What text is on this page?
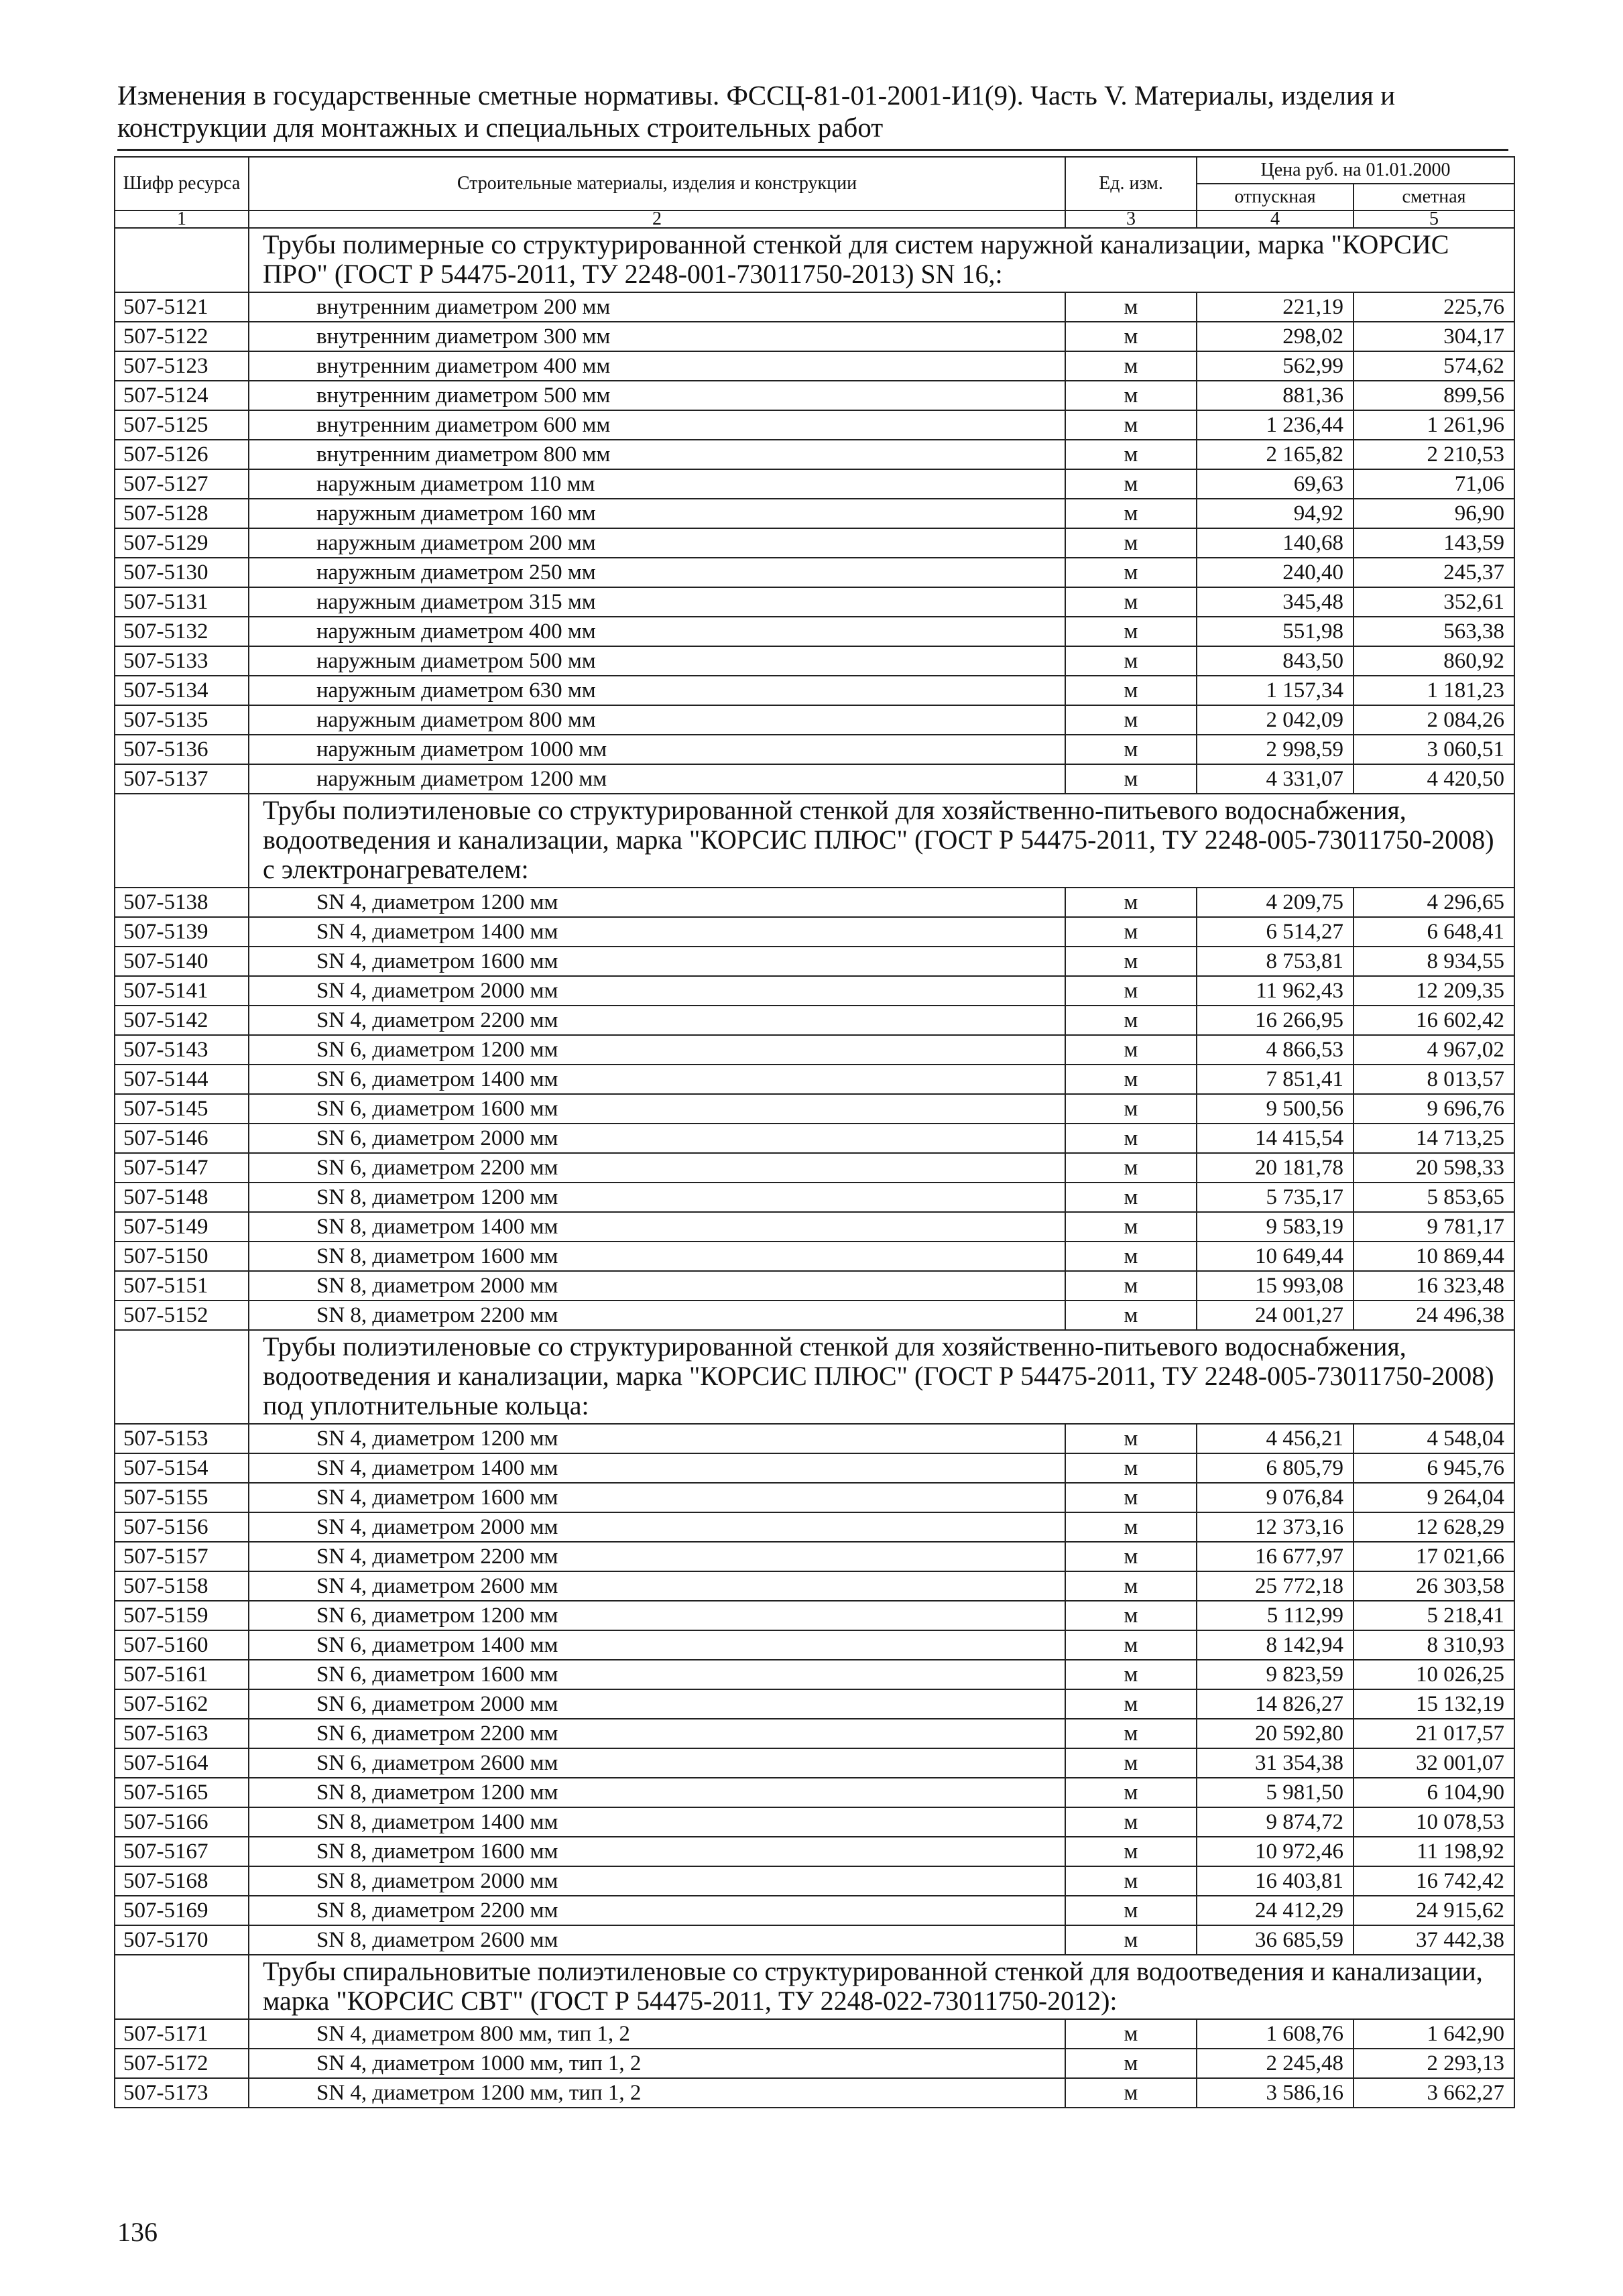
Изменения в государственные сметные нормативы. ФССЦ-81-01-2001-И1(9). Часть V. Материалы, изделия и
конструкции для монтажных и специальных строительных работ
Шифр ресурса	Строительные материалы, изделия и конструкции	Ед. изм.	Цена руб. на 01.01.2000	
			отпускная	сметная
1	2	3	4	5
	Трубы полимерные со структурированной стенкой для систем наружной канализации, марка "КОРСИС ПРО" (ГОСТ Р 54475-2011, ТУ 2248-001-73011750-2013) SN 16,:			
507-5121	внутренним диаметром 200 мм	м	221,19	225,76
507-5122	внутренним диаметром 300 мм	м	298,02	304,17
507-5123	внутренним диаметром 400 мм	м	562,99	574,62
507-5124	внутренним диаметром 500 мм	м	881,36	899,56
507-5125	внутренним диаметром 600 мм	м	1 236,44	1 261,96
507-5126	внутренним диаметром 800 мм	м	2 165,82	2 210,53
507-5127	наружным диаметром 110 мм	м	69,63	71,06
507-5128	наружным диаметром 160 мм	м	94,92	96,90
507-5129	наружным диаметром 200 мм	м	140,68	143,59
507-5130	наружным диаметром 250 мм	м	240,40	245,37
507-5131	наружным диаметром 315 мм	м	345,48	352,61
507-5132	наружным диаметром 400 мм	м	551,98	563,38
507-5133	наружным диаметром 500 мм	м	843,50	860,92
507-5134	наружным диаметром 630 мм	м	1 157,34	1 181,23
507-5135	наружным диаметром 800 мм	м	2 042,09	2 084,26
507-5136	наружным диаметром 1000 мм	м	2 998,59	3 060,51
507-5137	наружным диаметром 1200 мм	м	4 331,07	4 420,50
	Трубы полиэтиленовые со структурированной стенкой для хозяйственно-питьевого водоснабжения, водоотведения и канализации, марка "КОРСИС ПЛЮС" (ГОСТ Р 54475-2011, ТУ 2248-005-73011750-2008) с электронагревателем:			
507-5138	SN 4, диаметром 1200 мм	м	4 209,75	4 296,65
507-5139	SN 4, диаметром 1400 мм	м	6 514,27	6 648,41
507-5140	SN 4, диаметром 1600 мм	м	8 753,81	8 934,55
507-5141	SN 4, диаметром 2000 мм	м	11 962,43	12 209,35
507-5142	SN 4, диаметром 2200 мм	м	16 266,95	16 602,42
507-5143	SN 6, диаметром 1200 мм	м	4 866,53	4 967,02
507-5144	SN 6, диаметром 1400 мм	м	7 851,41	8 013,57
507-5145	SN 6, диаметром 1600 мм	м	9 500,56	9 696,76
507-5146	SN 6, диаметром 2000 мм	м	14 415,54	14 713,25
507-5147	SN 6, диаметром 2200 мм	м	20 181,78	20 598,33
507-5148	SN 8, диаметром 1200 мм	м	5 735,17	5 853,65
507-5149	SN 8, диаметром 1400 мм	м	9 583,19	9 781,17
507-5150	SN 8, диаметром 1600 мм	м	10 649,44	10 869,44
507-5151	SN 8, диаметром 2000 мм	м	15 993,08	16 323,48
507-5152	SN 8, диаметром 2200 мм	м	24 001,27	24 496,38
	Трубы полиэтиленовые со структурированной стенкой для хозяйственно-питьевого водоснабжения, водоотведения и канализации, марка "КОРСИС ПЛЮС" (ГОСТ Р 54475-2011, ТУ 2248-005-73011750-2008) под уплотнительные кольца:			
507-5153	SN 4, диаметром 1200 мм	м	4 456,21	4 548,04
507-5154	SN 4, диаметром 1400 мм	м	6 805,79	6 945,76
507-5155	SN 4, диаметром 1600 мм	м	9 076,84	9 264,04
507-5156	SN 4, диаметром 2000 мм	м	12 373,16	12 628,29
507-5157	SN 4, диаметром 2200 мм	м	16 677,97	17 021,66
507-5158	SN 4, диаметром 2600 мм	м	25 772,18	26 303,58
507-5159	SN 6, диаметром 1200 мм	м	5 112,99	5 218,41
507-5160	SN 6, диаметром 1400 мм	м	8 142,94	8 310,93
507-5161	SN 6, диаметром 1600 мм	м	9 823,59	10 026,25
507-5162	SN 6, диаметром 2000 мм	м	14 826,27	15 132,19
507-5163	SN 6, диаметром 2200 мм	м	20 592,80	21 017,57
507-5164	SN 6, диаметром 2600 мм	м	31 354,38	32 001,07
507-5165	SN 8, диаметром 1200 мм	м	5 981,50	6 104,90
507-5166	SN 8, диаметром 1400 мм	м	9 874,72	10 078,53
507-5167	SN 8, диаметром 1600 мм	м	10 972,46	11 198,92
507-5168	SN 8, диаметром 2000 мм	м	16 403,81	16 742,42
507-5169	SN 8, диаметром 2200 мм	м	24 412,29	24 915,62
507-5170	SN 8, диаметром 2600 мм	м	36 685,59	37 442,38
	Трубы спиральновитые полиэтиленовые со структурированной стенкой для водоотведения и канализации, марка "КОРСИС СВТ" (ГОСТ Р 54475-2011, ТУ 2248-022-73011750-2012):			
507-5171	SN 4, диаметром 800 мм, тип 1, 2	м	1 608,76	1 642,90
507-5172	SN 4, диаметром 1000 мм, тип 1, 2	м	2 245,48	2 293,13
507-5173	SN 4, диаметром 1200 мм, тип 1, 2	м	3 586,16	3 662,27
136
